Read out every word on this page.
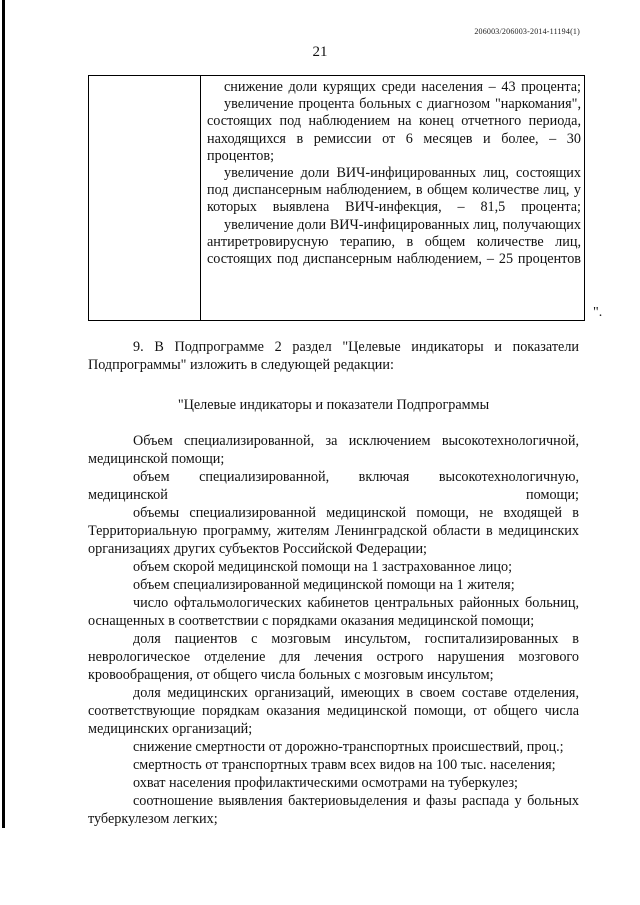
206003/206003-2014-11194(1)
21

снижение доли курящих среди населения – 43 процента;

увеличение процента больных с диагнозом "наркомания", состоящих под наблюдением на конец отчетного периода, находящихся в ремиссии от 6 месяцев и более, – 30 процентов;

увеличение доли ВИЧ-инфицированных лиц, состоящих под диспансерным наблюдением, в общем количестве лиц, у которых выявлена ВИЧ-инфекция, – 81,5 процента;

увеличение доли ВИЧ-инфицированных лиц, получающих антиретровирусную терапию, в общем количестве лиц, состоящих под диспансерным наблюдением, – 25 процентов

".

9. В Подпрограмме 2 раздел "Целевые индикаторы и показатели Подпрограммы" изложить в следующей редакции:

"Целевые индикаторы и показатели Подпрограммы

Объем специализированной, за исключением высокотехнологичной, медицинской помощи;

объем специализированной, включая высокотехнологичную, медицинской помощи;

объемы специализированной медицинской помощи, не входящей в Территориальную программу, жителям Ленинградской области в медицинских организациях других субъектов Российской Федерации;

объем скорой медицинской помощи на 1 застрахованное лицо;

объем специализированной медицинской помощи на 1 жителя;

число офтальмологических кабинетов центральных районных больниц, оснащенных в соответствии с порядками оказания медицинской помощи;

доля пациентов с мозговым инсультом, госпитализированных в неврологическое отделение для лечения острого нарушения мозгового кровообращения, от общего числа больных с мозговым инсультом;

доля медицинских организаций, имеющих в своем составе отделения, соответствующие порядкам оказания медицинской помощи, от общего числа медицинских организаций;

снижение смертности от дорожно-транспортных происшествий, проц.;

смертность от транспортных травм всех видов на 100 тыс. населения;

охват населения профилактическими осмотрами на туберкулез;

соотношение выявления бактериовыделения и фазы распада у больных туберкулезом легких;
